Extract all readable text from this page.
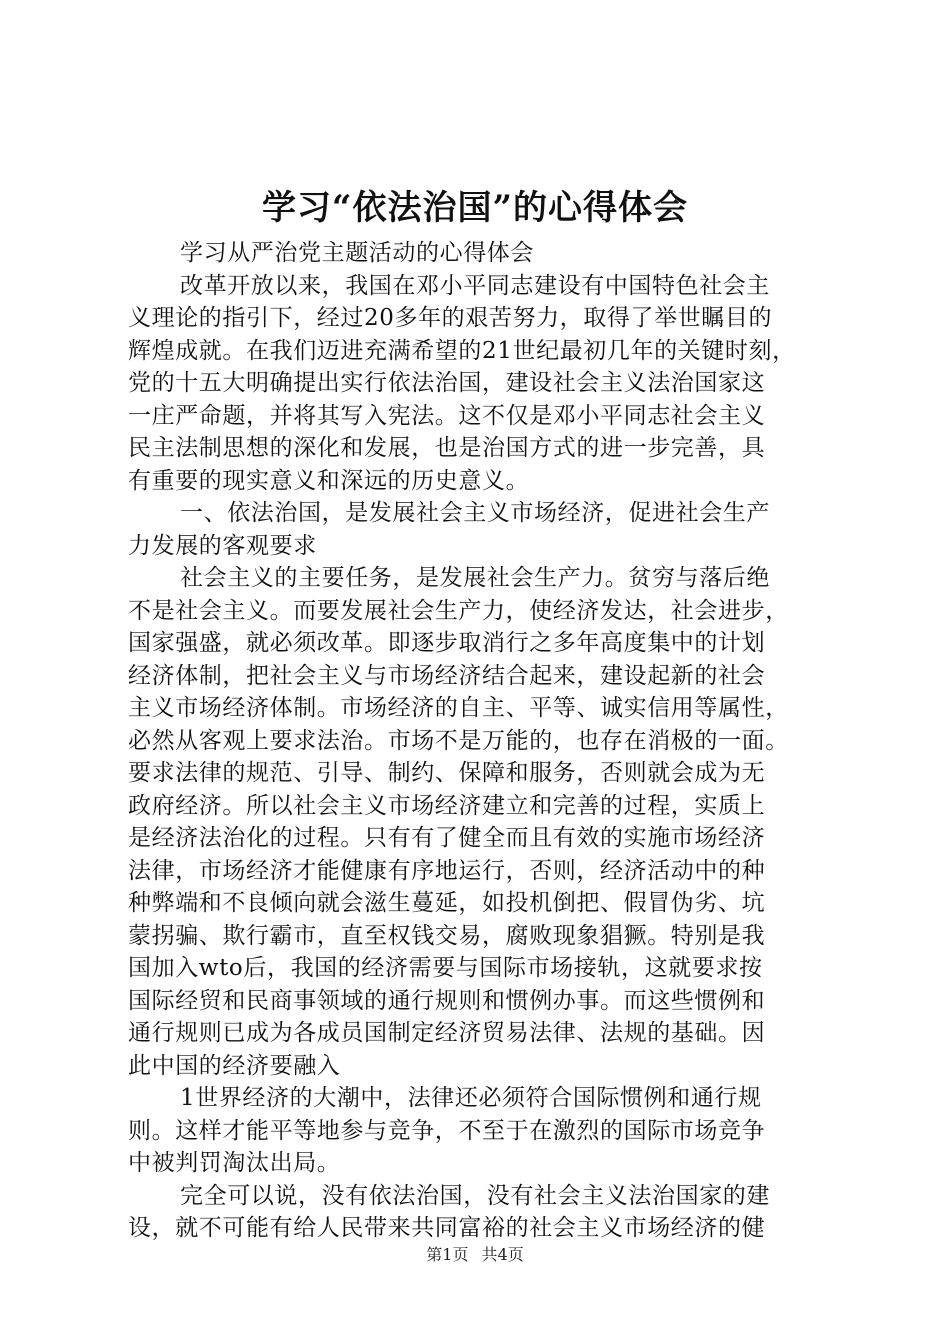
学习“依法治国”的心得体会
学习从严治党主题活动的心得体会
改革开放以来，我国在邓小平同志建设有中国特色社会主
义理论的指引下，经过20多年的艰苦努力，取得了举世瞩目的
辉煌成就。在我们迈进充满希望的21世纪最初几年的关键时刻，
党的十五大明确提出实行依法治国，建设社会主义法治国家这
一庄严命题，并将其写入宪法。这不仅是邓小平同志社会主义
民主法制思想的深化和发展，也是治国方式的进一步完善，具
有重要的现实意义和深远的历史意义。
一、依法治国，是发展社会主义市场经济，促进社会生产
力发展的客观要求
社会主义的主要任务，是发展社会生产力。贫穷与落后绝
不是社会主义。而要发展社会生产力，使经济发达，社会进步，
国家强盛，就必须改革。即逐步取消行之多年高度集中的计划
经济体制，把社会主义与市场经济结合起来，建设起新的社会
主义市场经济体制。市场经济的自主、平等、诚实信用等属性，
必然从客观上要求法治。市场不是万能的，也存在消极的一面。
要求法律的规范、引导、制约、保障和服务，否则就会成为无
政府经济。所以社会主义市场经济建立和完善的过程，实质上
是经济法治化的过程。只有有了健全而且有效的实施市场经济
法律，市场经济才能健康有序地运行，否则，经济活动中的种
种弊端和不良倾向就会滋生蔓延，如投机倒把、假冒伪劣、坑
蒙拐骗、欺行霸市，直至权钱交易，腐败现象猖獗。特别是我
国加入wto后，我国的经济需要与国际市场接轨，这就要求按
国际经贸和民商事领域的通行规则和惯例办事。而这些惯例和
通行规则已成为各成员国制定经济贸易法律、法规的基础。因
此中国的经济要融入
1世界经济的大潮中，法律还必须符合国际惯例和通行规
则。这样才能平等地参与竞争，不至于在激烈的国际市场竞争
中被判罚淘汰出局。
完全可以说，没有依法治国，没有社会主义法治国家的建
设，就不可能有给人民带来共同富裕的社会主义市场经济的健
第1页 共4页
